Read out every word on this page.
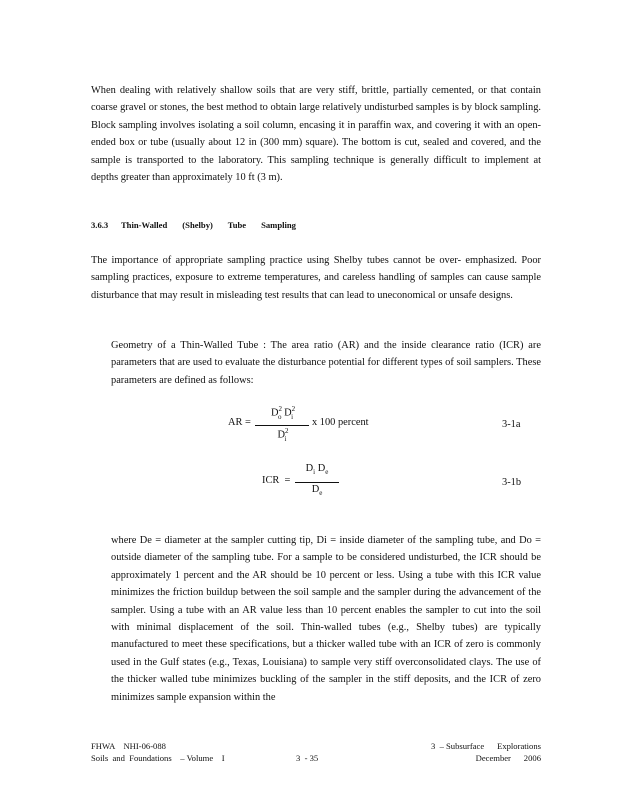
When dealing with relatively shallow soils that are very stiff, brittle, partially cemented, or that contain coarse gravel or stones, the best method to obtain large relatively undisturbed samples is by block sampling. Block sampling involves isolating a soil column, encasing it in paraffin wax, and covering it with an open- ended box or tube (usually about 12 in (300 mm) square). The bottom is cut, sealed and covered, and the sample is transported to the laboratory. This sampling technique is generally difficult to implement at depths greater than approximately 10 ft (3 m).

3.6.3 Thin-Walled       (Shelby)       Tube       Sampling

The importance of appropriate sampling practice using Shelby tubes cannot be over- emphasized. Poor sampling practices, exposure to extreme temperatures, and careless handling of samples can cause sample disturbance that may result in misleading test results that can lead to uneconomical or unsafe designs.

Geometry of a Thin-Walled Tube : The area ratio (AR) and the inside clearance ratio (ICR) are parameters that are used to evaluate the disturbance potential for different types of soil samplers. These parameters are defined as follows:

AR =
$D^2_o$ $D^2_i$
$D^2_i$
x 100 percent	3-1a
ICR =
$D_i$ $D_e$
$D_e$
3-1b

where De = diameter at the sampler cutting tip, Di = inside diameter of the sampling tube, and Do = outside diameter of the sampling tube. For a sample to be considered undisturbed, the ICR should be approximately 1 percent and the AR should be 10 percent or less. Using a tube with this ICR value minimizes the friction buildup between the soil sample and the sampler during the advancement of the sampler. Using a tube with an AR value less than 10 percent enables the sampler to cut into the soil with minimal displacement of the soil. Thin-walled tubes (e.g., Shelby tubes) are typically manufactured to meet these specifications, but a thicker walled tube with an ICR of zero is commonly used in the Gulf states (e.g., Texas, Louisiana) to sample very stiff overconsolidated clays. The use of the thicker walled tube minimizes buckling of the sampler in the stiff deposits, and the ICR of zero minimizes sample expansion within the

FHWA    NHI-06-088
Soils  and  Foundations    – Volume    I	3  - 35
3  – Subsurface      Explorations
December      2006
